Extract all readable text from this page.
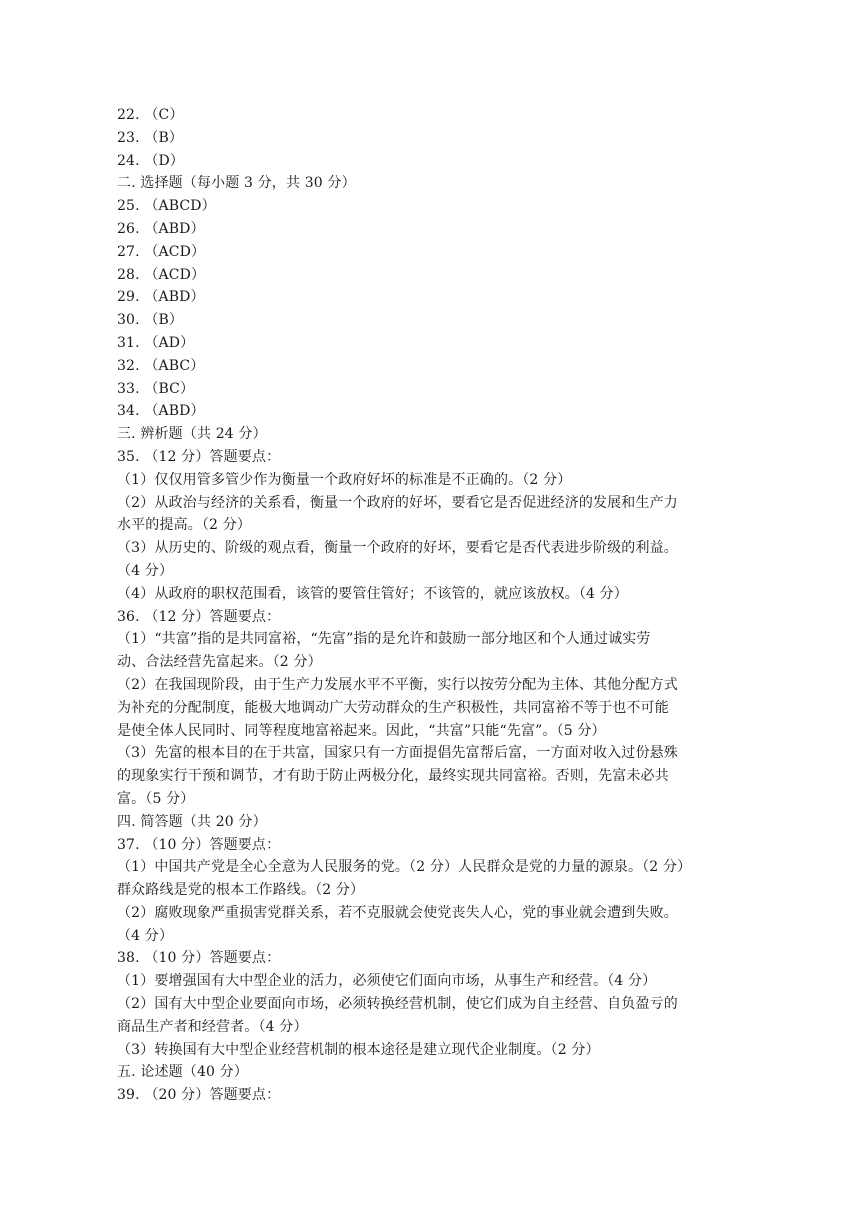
22. （C）
23. （B）
24. （D）
二. 选择题（每小题 3 分，共 30 分）
25. （ABCD）
26. （ABD）
27. （ACD）
28. （ACD）
29. （ABD）
30. （B）
31. （AD）
32. （ABC）
33. （BC）
34. （ABD）
三. 辨析题（共 24 分）
35. （12 分）答题要点：
（1）仅仅用管多管少作为衡量一个政府好坏的标准是不正确的。（2 分）
（2）从政治与经济的关系看，衡量一个政府的好坏，要看它是否促进经济的发展和生产力
水平的提高。（2 分）
（3）从历史的、阶级的观点看，衡量一个政府的好坏，要看它是否代表进步阶级的利益。
（4 分）
（4）从政府的职权范围看，该管的要管住管好；不该管的，就应该放权。（4 分）
36. （12 分）答题要点：
（1）“共富”指的是共同富裕，“先富”指的是允许和鼓励一部分地区和个人通过诚实劳
动、合法经营先富起来。（2 分）
（2）在我国现阶段，由于生产力发展水平不平衡，实行以按劳分配为主体、其他分配方式
为补充的分配制度，能极大地调动广大劳动群众的生产积极性，共同富裕不等于也不可能
是使全体人民同时、同等程度地富裕起来。因此，“共富”只能“先富”。（5 分）
（3）先富的根本目的在于共富，国家只有一方面提倡先富帮后富，一方面对收入过份悬殊
的现象实行干预和调节，才有助于防止两极分化，最终实现共同富裕。否则，先富未必共
富。（5 分）
四. 简答题（共 20 分）
37. （10 分）答题要点：
（1）中国共产党是全心全意为人民服务的党。（2 分）人民群众是党的力量的源泉。（2 分）
群众路线是党的根本工作路线。（2 分）
（2）腐败现象严重损害党群关系，若不克服就会使党丧失人心，党的事业就会遭到失败。
（4 分）
38. （10 分）答题要点：
（1）要增强国有大中型企业的活力，必须使它们面向市场，从事生产和经营。（4 分）
（2）国有大中型企业要面向市场，必须转换经营机制，使它们成为自主经营、自负盈亏的
商品生产者和经营者。（4 分）
（3）转换国有大中型企业经营机制的根本途径是建立现代企业制度。（2 分）
五. 论述题（40 分）
39. （20 分）答题要点：
